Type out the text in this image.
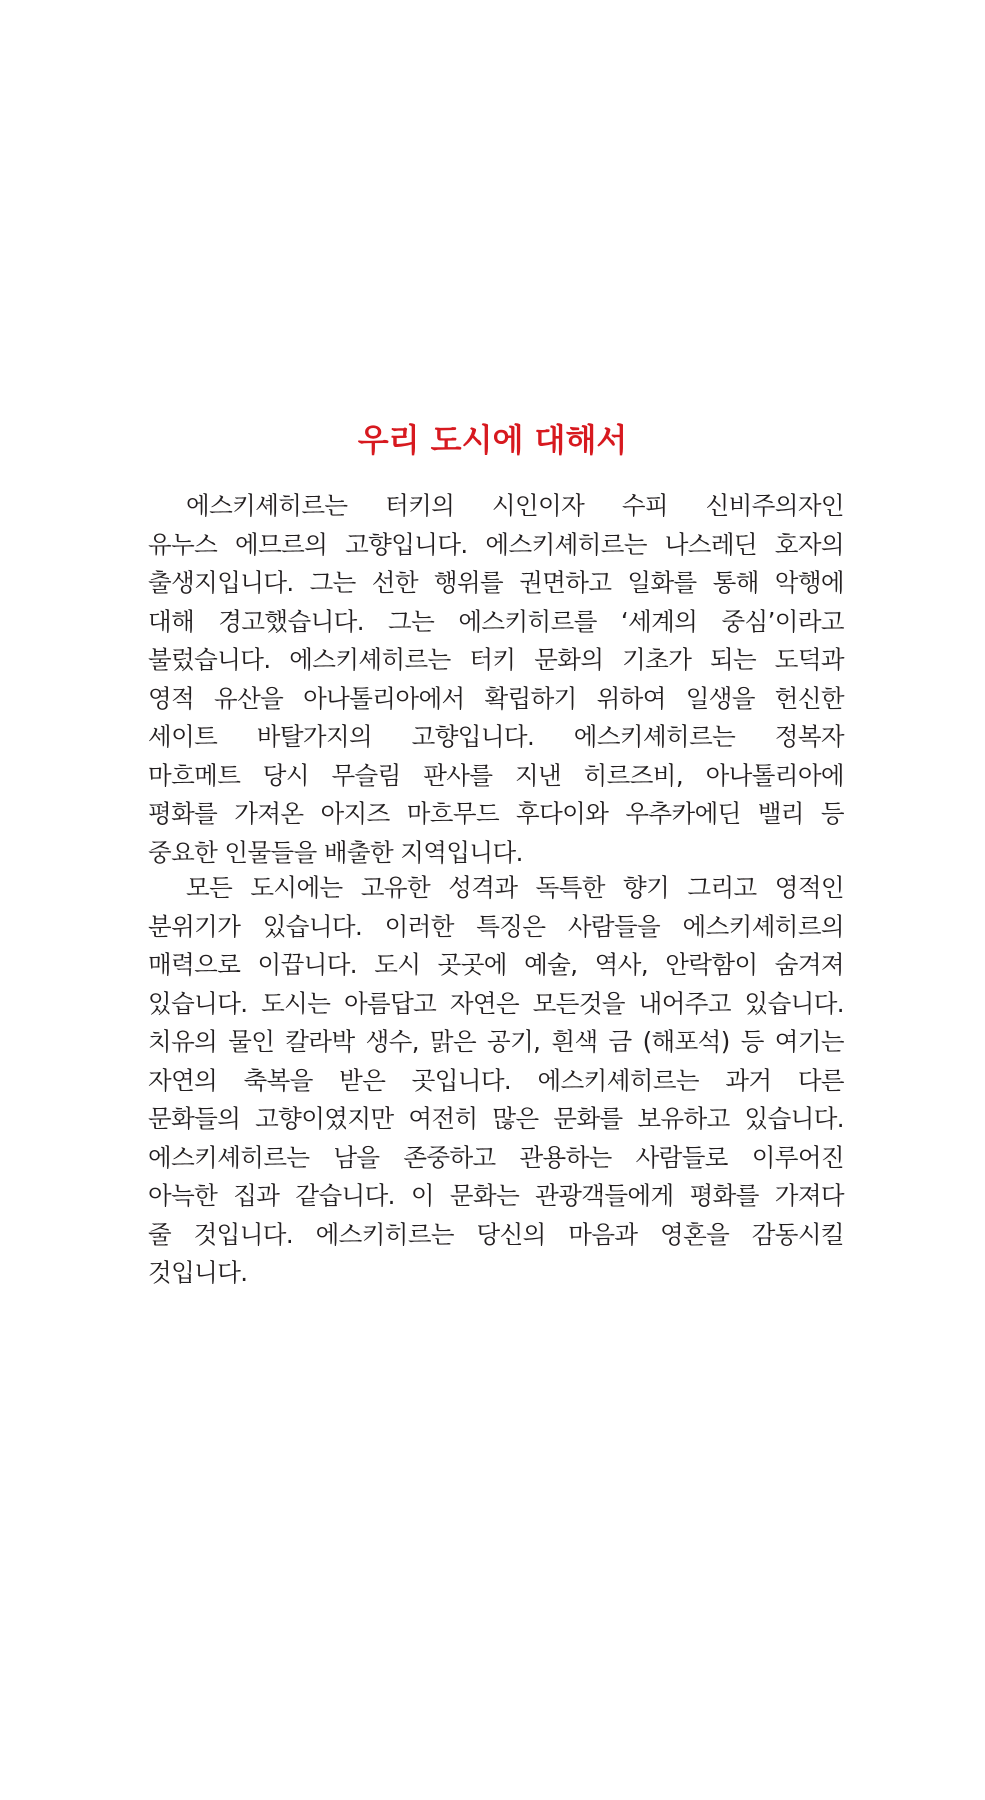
우리 도시에 대해서
에스키셰히르는 터키의 시인이자 수피 신비주의자인
유누스 에므르의 고향입니다. 에스키셰히르는 나스레딘 호자의
출생지입니다. 그는 선한 행위를 권면하고 일화를 통해 악행에
대해 경고했습니다. 그는 에스키히르를 ‘세계의 중심’이라고
불렀습니다. 에스키셰히르는 터키 문화의 기초가 되는 도덕과
영적 유산을 아나톨리아에서 확립하기 위하여 일생을 헌신한
세이트 바탈가지의 고향입니다. 에스키셰히르는 정복자
마흐메트 당시 무슬림 판사를 지낸 히르즈비, 아나톨리아에
평화를 가져온 아지즈 마흐무드 후다이와 우추카에딘 밸리 등
중요한 인물들을 배출한 지역입니다.
모든 도시에는 고유한 성격과 독특한 향기 그리고 영적인
분위기가 있습니다. 이러한 특징은 사람들을 에스키셰히르의
매력으로 이끕니다. 도시 곳곳에 예술, 역사, 안락함이 숨겨져
있습니다. 도시는 아름답고 자연은 모든것을 내어주고 있습니다.
치유의 물인 칼라박 생수, 맑은 공기, 흰색 금 (해포석) 등 여기는
자연의 축복을 받은 곳입니다. 에스키셰히르는 과거 다른
문화들의 고향이였지만 여전히 많은 문화를 보유하고 있습니다.
에스키셰히르는 남을 존중하고 관용하는 사람들로 이루어진
아늑한 집과 같습니다. 이 문화는 관광객들에게 평화를 가져다
줄 것입니다. 에스키히르는 당신의 마음과 영혼을 감동시킬
것입니다.
